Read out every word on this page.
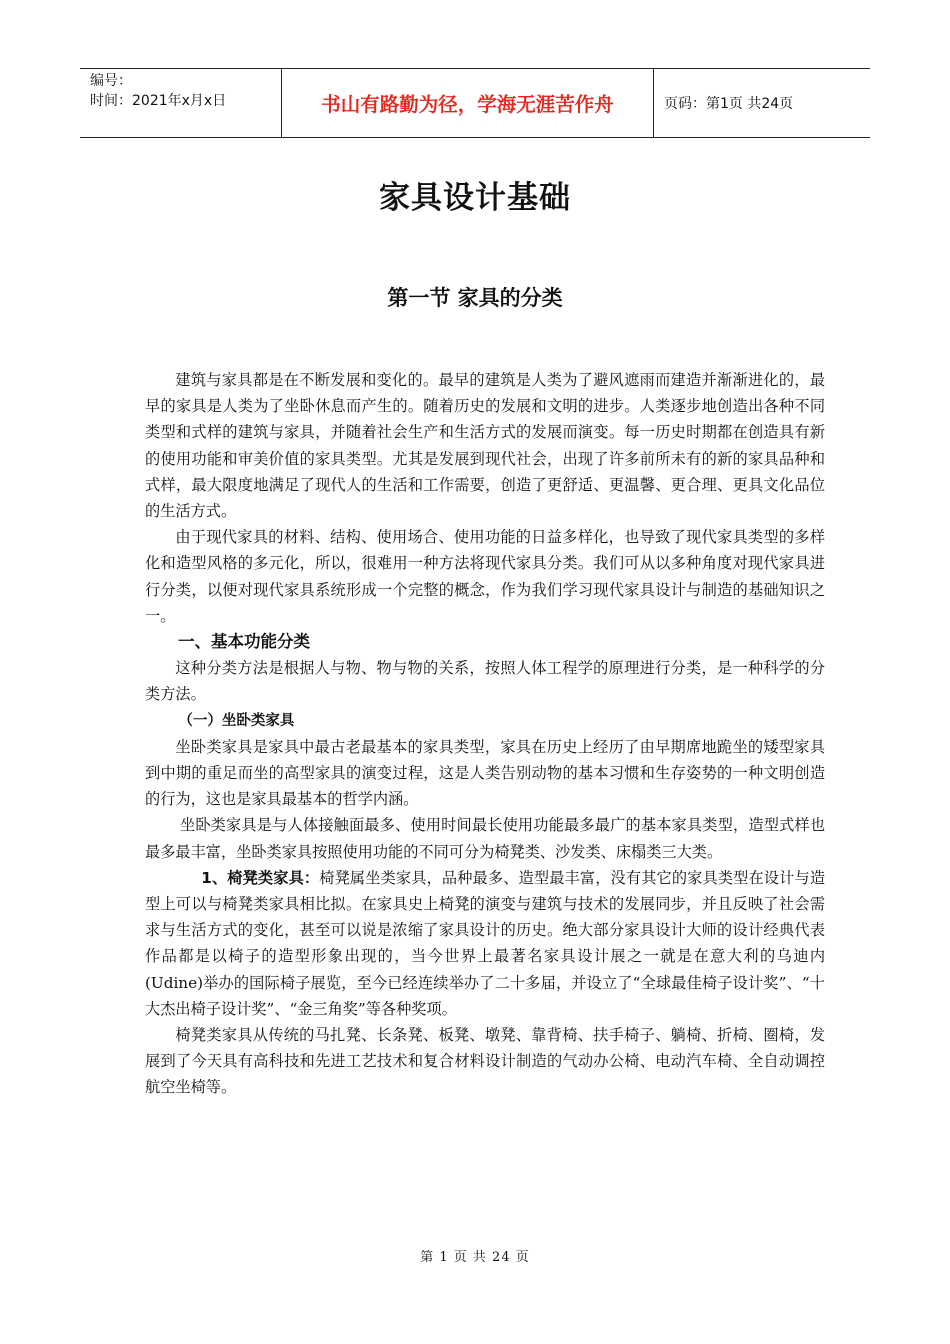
编号：
时间：2021年x月x日	书山有路勤为径，学海无涯苦作舟	页码：第1页 共24页
家具设计基础
第一节 家具的分类

建筑与家具都是在不断发展和变化的。最早的建筑是人类为了避风遮雨而建造并渐渐进化的，最早的家具是人类为了坐卧休息而产生的。随着历史的发展和文明的进步。人类逐步地创造出各种不同类型和式样的建筑与家具，并随着社会生产和生活方式的发展而演变。每一历史时期都在创造具有新的使用功能和审美价值的家具类型。尤其是发展到现代社会，出现了许多前所未有的新的家具品种和式样，最大限度地满足了现代人的生活和工作需要，创造了更舒适、更温馨、更合理、更具文化品位的生活方式。

由于现代家具的材料、结构、使用场合、使用功能的日益多样化，也导致了现代家具类型的多样化和造型风格的多元化，所以，很难用一种方法将现代家具分类。我们可从以多种角度对现代家具进行分类，以便对现代家具系统形成一个完整的概念，作为我们学习现代家具设计与制造的基础知识之一。

一、基本功能分类

这种分类方法是根据人与物、物与物的关系，按照人体工程学的原理进行分类，是一种科学的分类方法。

（一）坐卧类家具

坐卧类家具是家具中最古老最基本的家具类型，家具在历史上经历了由早期席地跪坐的矮型家具到中期的重足而坐的高型家具的演变过程，这是人类告别动物的基本习惯和生存姿势的一种文明创造的行为，这也是家具最基本的哲学内涵。

坐卧类家具是与人体接触面最多、使用时间最长使用功能最多最广的基本家具类型，造型式样也最多最丰富，坐卧类家具按照使用功能的不同可分为椅凳类、沙发类、床榻类三大类。

1、椅凳类家具：椅凳属坐类家具，品种最多、造型最丰富，没有其它的家具类型在设计与造型上可以与椅凳类家具相比拟。在家具史上椅凳的演变与建筑与技术的发展同步，并且反映了社会需求与生活方式的变化，甚至可以说是浓缩了家具设计的历史。绝大部分家具设计大师的设计经典代表作品都是以椅子的造型形象出现的，当今世界上最著名家具设计展之一就是在意大利的乌迪内(Udine)举办的国际椅子展览，至今已经连续举办了二十多届，并设立了“全球最佳椅子设计奖”、“十大杰出椅子设计奖”、“金三角奖”等各种奖项。

椅凳类家具从传统的马扎凳、长条凳、板凳、墩凳、靠背椅、扶手椅子、躺椅、折椅、圈椅，发展到了今天具有高科技和先进工艺技术和复合材料设计制造的气动办公椅、电动汽车椅、全自动调控航空坐椅等。

第 1 页 共 24 页
